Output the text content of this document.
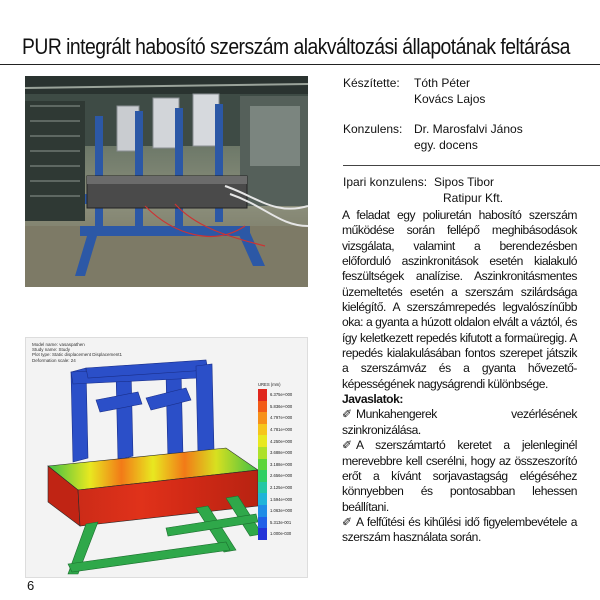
PUR integrált habosító szerszám alakváltozási állapotának feltárása
Model name: vasaspathen
Study name: Study
Plot type: Static displacement Displacement1
Deformation scale: 24
URES (mm)
6.375e+000
5.836e+000
4.797e+000
4.781e+000
4.250e+000
3.688e+000
3.188e+000
2.656e+000
2.125e+000
1.594e+000
1.063e+000
5.313e-001
1.000e-030
Készítette: Tóth Péter
Kovács Lajos
Konzulens: Dr. Marosfalvi János
egy. docens
Ipari konzulens: Sipos Tibor
Ratipur Kft.

A feladat egy poliuretán habosító szerszám működése során fellépő meghibásodások vizsgálata, valamint a berendezésben előforduló aszinkronitások esetén kialakuló feszültségek analízise. Aszinkronitásmentes üzemeltetés esetén a szerszám szilárdsága kielégítő. A szerszámrepedés legvalószínűbb oka: a gyanta a húzott oldalon elvált a váztól, és így keletkezett repedés kifutott a formaüregig. A repedés kialakulásában fontos szerepet játszik a szerszámváz és a gyanta hővezető-képességének nagyságrendi különbsége.

Javaslatok:

✐ Munkahengerek vezérlésének szinkronizálása.

✐ A szerszámtartó keretet a jelenleginél merevebbre kell cserélni, hogy az összeszorító erőt a kívánt sorjavastagság elégéséhez könnyebben és pontosabban lehessen beállítani.

✐ A felfűtési és kihűlési idő figyelembevétele a szerszám használata során.

6
